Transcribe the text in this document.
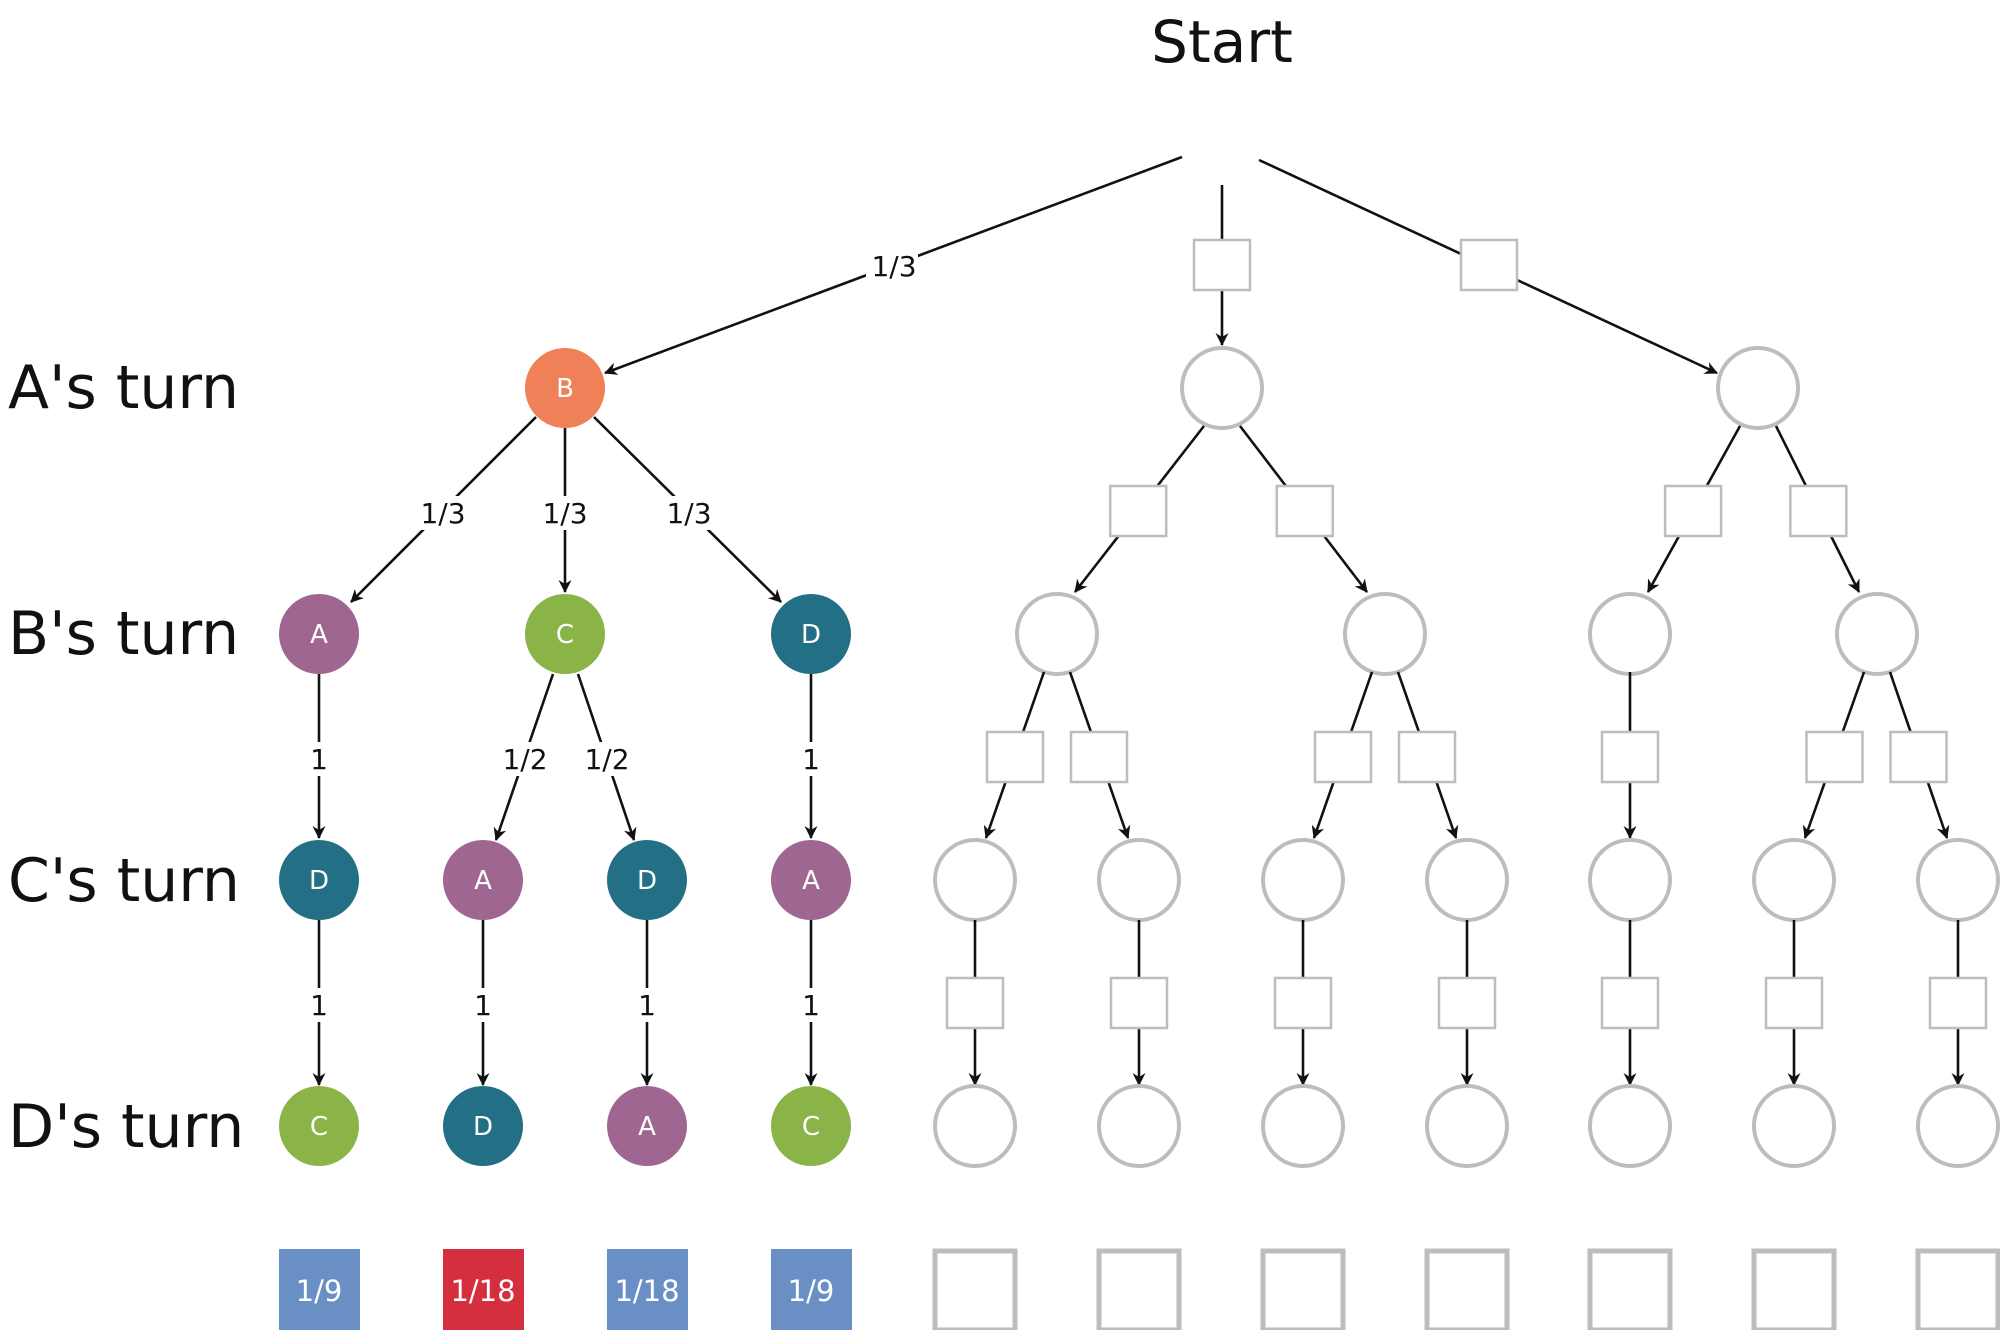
Start
A's turn
B's turn
C's turn
D's turn
1/3
1/3	1/3	1/3
1	1/2 1/2	1
1	1	1	1
B
A	C	D
D	A	D	A
C	D	A	C
1/9	1/18	1/18	1/9
